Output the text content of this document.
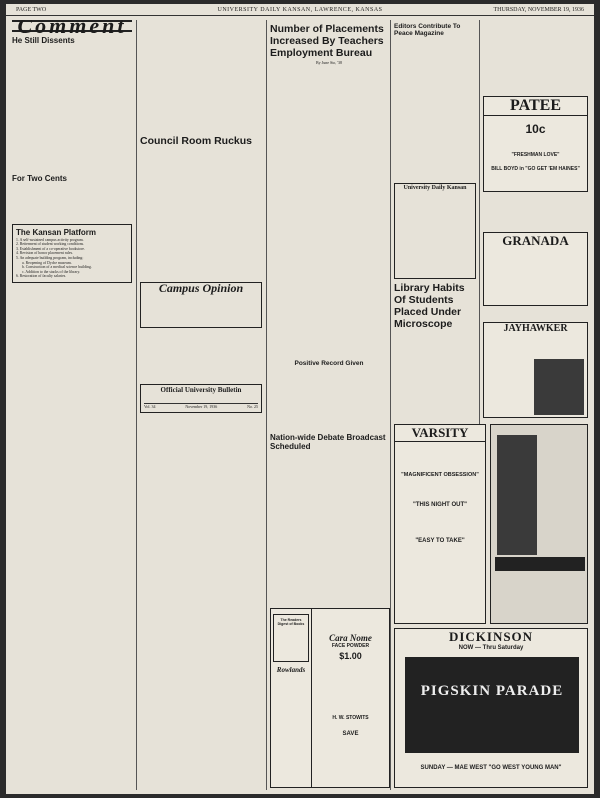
PAGE TWO	UNIVERSITY DAILY KANSAN, LAWRENCE, KANSAS	THURSDAY, NOVEMBER 19, 1936
Comment
He Still Dissents

For Two Cents

The Kansan Platform
1. A self-sustained campus activity program.
2. Betterment of student working conditions.
3. Establishment of a co-operative bookstore.
4. Revision of honor placement rules.
5. An adequate building program, including:
a. Reopening of Dyche museum.
b. Construction of a medical science building.
c. Addition to the stacks of the library.
6. Restoration of faculty salaries.
Council Room Ruckus
Campus Opinion
Official University Bulletin
Vol. 34	November 19, 1936	No. 25
Number of Placements Increased By Teachers Employment Bureau
By June Sto, '38
Positive Record Given
Nation-wide Debate Broadcast Scheduled
Editors Contribute To Peace Magazine
University Daily Kansan
Library Habits Of Students Placed Under Microscope
PATEE
10c
"FRESHMAN LOVE"
BILL BOYD in "GO GET 'EM HAINES"
GRANADA
JAYHAWKER
VARSITY
"MAGNIFICENT OBSESSION"
"THIS NIGHT OUT"
"EASY TO TAKE"
The Readers Digest of Books
Rowlands
Cara Nome
FACE POWDER
$1.00
H. W. STOWITS
SAVE
DICKINSON
NOW — Thru Saturday
PIGSKIN PARADE
SUNDAY — MAE WEST "GO WEST YOUNG MAN"
